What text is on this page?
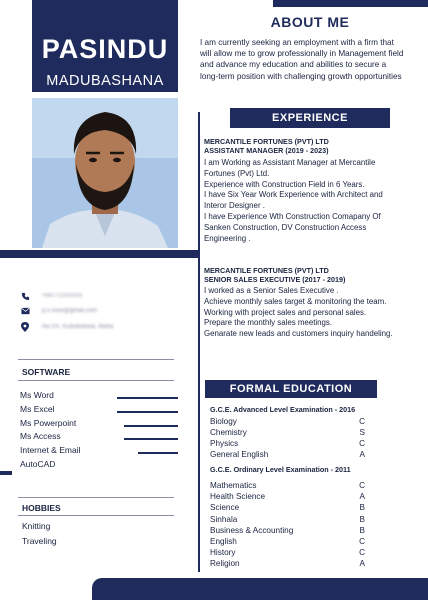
PASINDU
MADUBASHANA
+94771XXXXX
p.x.xxxx@gmail.com
No.XX, Kubukwewa, Maha
SOFTWARE
Ms Word
Ms Excel
Ms Powerpoint
Ms Access
Internet & Email
AutoCAD
HOBBIES
Knitting
Traveling
ABOUT ME
I am currently seeking an employment with a firm that will allow me to grow professionally in Management field and advance my education and abilities to secure a long-term position with challenging growth opportunities
EXPERIENCE
MERCANTILE FORTUNES (PVT) LTD
ASSISTANT MANAGER (2019 - 2023)
I am Working as Assistant Manager at Mercantile Fortunes (Pvt) Ltd.
Experience with Construction Field in 6 Years.
I have Six Year Work Experience with Architect and Interor Designer .
I have Experience Wth Construction Comapany Of Sanken Construction, DV Construction Access Engineering .
MERCANTILE FORTUNES (PVT) LTD
SENIOR SALES EXECUTIVE (2017 - 2019)
I worked as a Senior Sales Executive .
Achieve monthly sales target & monitoring the team.
Working with project sales and personal sales.
Prepare the monthly sales meetings.
Genarate new leads and customers inquiry handeling.
FORMAL EDUCATION
G.C.E. Advanced Level Examination - 2016
Biology	C
Chemistry	S
Physics	C
General English	A
G.C.E. Ordinary Level Examination - 2011
Mathematics	C
Health Science	A
Science	B
Sinhala	B
Business & Accounting	B
English	C
History	C
Religion	A
